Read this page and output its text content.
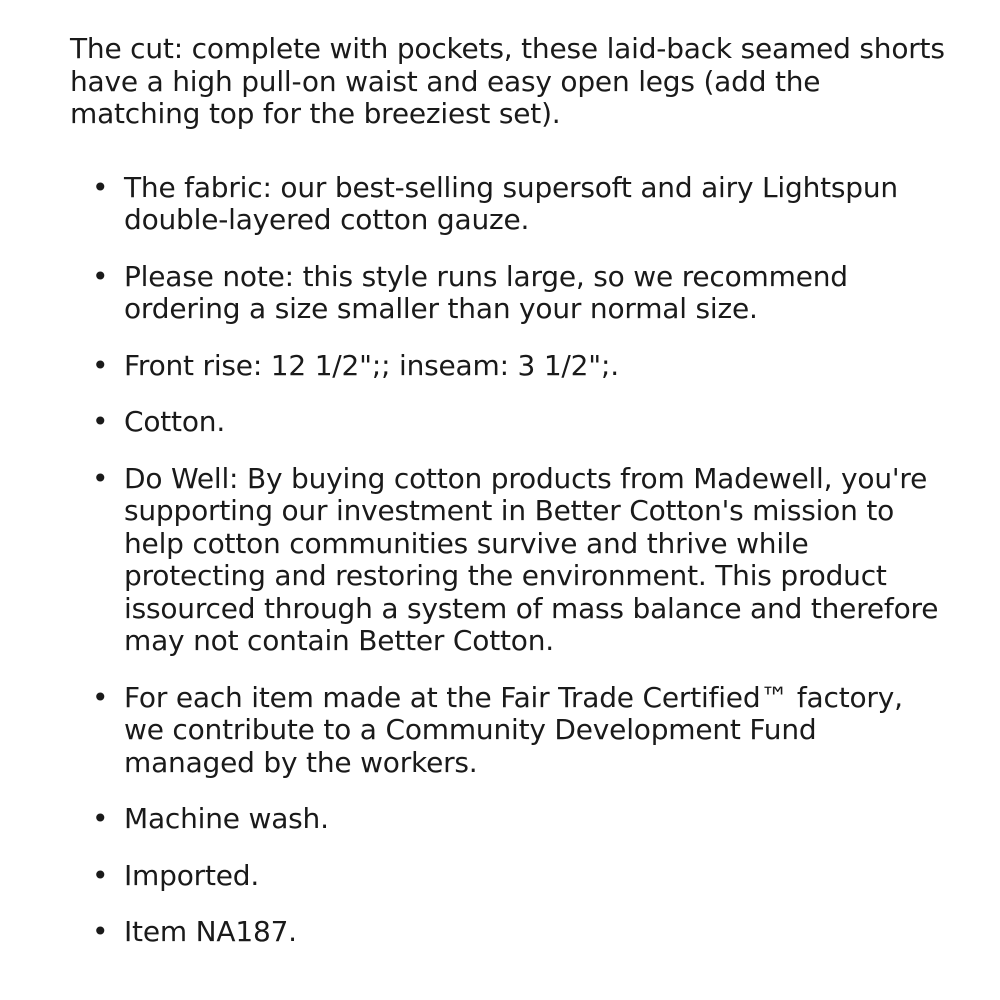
The cut: complete with pockets, these laid-back seamed shorts have a high pull-on waist and easy open legs (add the matching top for the breeziest set).

• The fabric: our best-selling supersoft and airy Lightspun double-layered cotton gauze.
• Please note: this style runs large, so we recommend ordering a size smaller than your normal size.
• Front rise: 12 1/2";; inseam: 3 1/2";.
• Cotton.
• Do Well: By buying cotton products from Madewell, you're supporting our investment in Better Cotton's mission to help cotton communities survive and thrive while protecting and restoring the environment. This product issourced through a system of mass balance and therefore may not contain Better Cotton.
• For each item made at the Fair Trade Certified™ factory, we contribute to a Community Development Fund managed by the workers.
• Machine wash.
• Imported.
• Item NA187.
